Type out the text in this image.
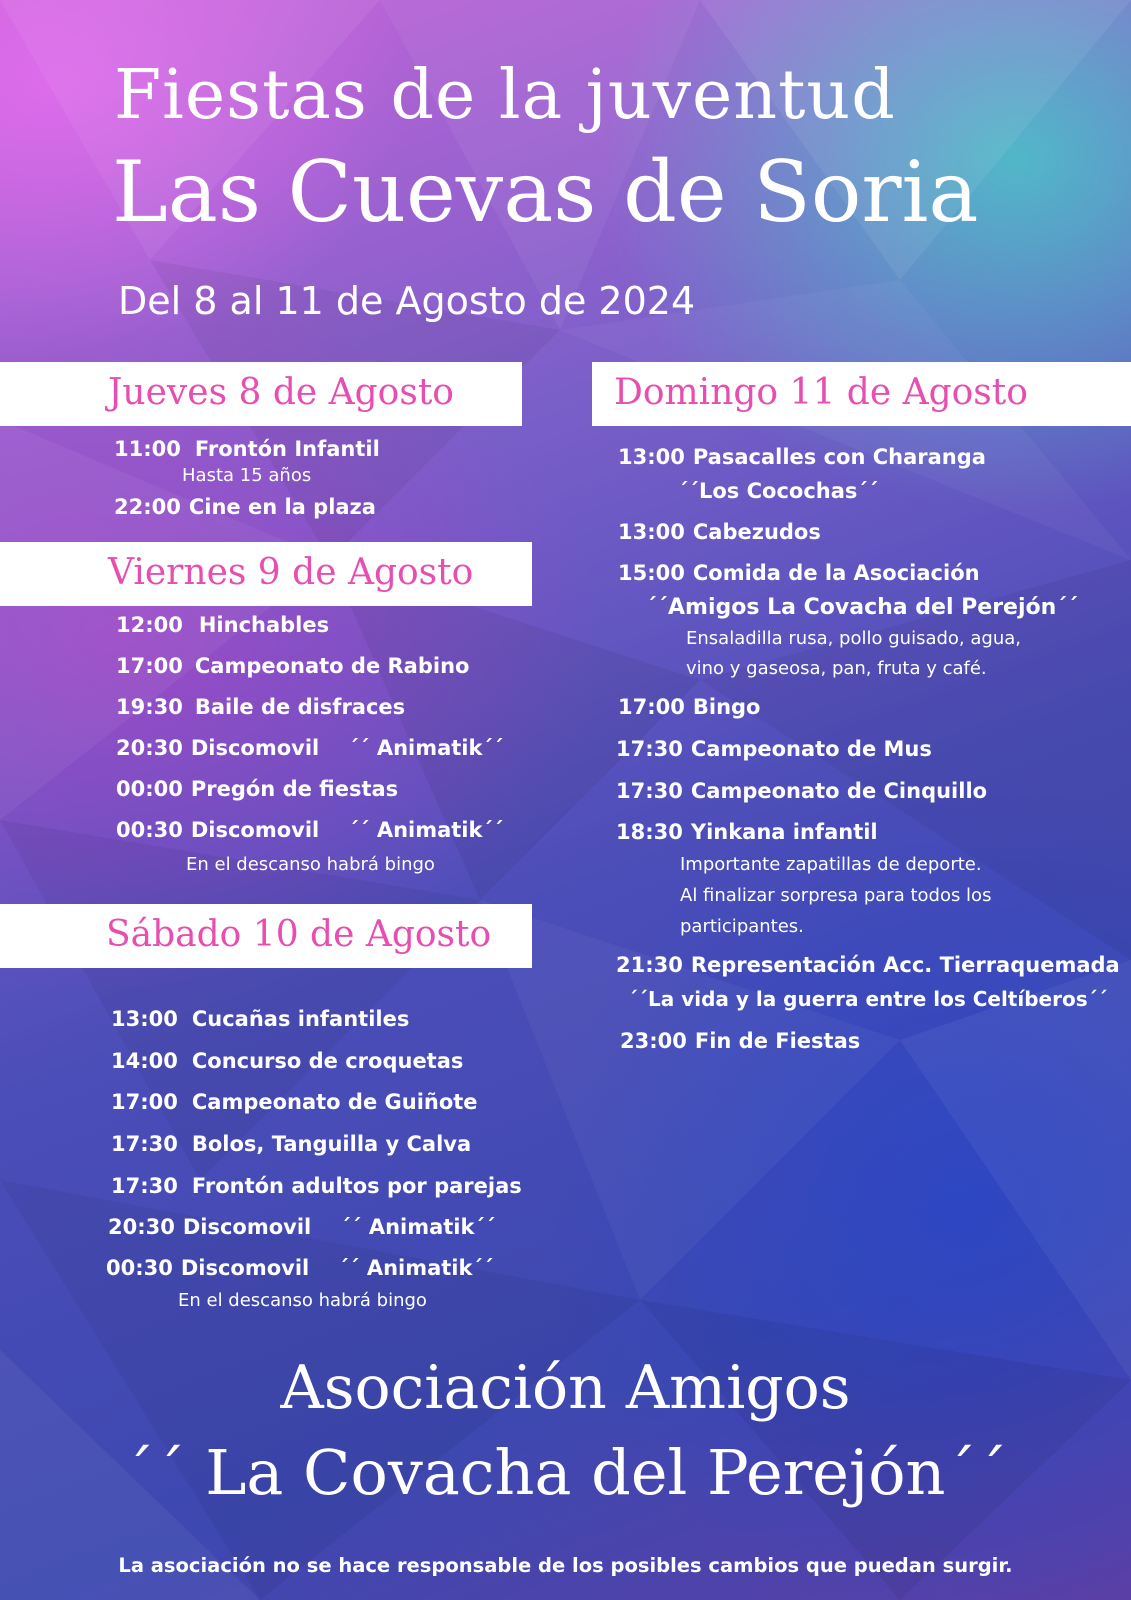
Fiestas de la juventud
Las Cuevas de Soria
Del 8 al 11 de Agosto de 2024
Jueves 8 de Agosto
11:00 Frontón Infantil
Hasta 15 años
22:00 Cine en la plaza
Viernes 9 de Agosto
12:00 Hinchables
17:00 Campeonato de Rabino
19:30 Baile de disfraces
20:30 Discomovil    ´´ Animatik´´
00:00 Pregón de fiestas
00:30 Discomovil    ´´ Animatik´´
En el descanso habrá bingo
Sábado 10 de Agosto
13:00 Cucañas infantiles
14:00 Concurso de croquetas
17:00 Campeonato de Guiñote
17:30 Bolos, Tanguilla y Calva
17:30 Frontón adultos por parejas
20:30 Discomovil    ´´ Animatik´´
00:30 Discomovil    ´´ Animatik´´
En el descanso habrá bingo
Domingo 11 de Agosto
13:00 Pasacalles con Charanga
´´Los Cocochas´´
13:00 Cabezudos
15:00 Comida de la Asociación
´´Amigos La Covacha del Perejón´´
Ensaladilla rusa, pollo guisado, agua,
vino y gaseosa, pan, fruta y café.
17:00 Bingo
17:30 Campeonato de Mus
17:30 Campeonato de Cinquillo
18:30 Yinkana infantil
Importante zapatillas de deporte.
Al finalizar sorpresa para todos los
participantes.
21:30 Representación Acc. Tierraquemada
´´La vida y la guerra entre los Celtíberos´´
23:00 Fin de Fiestas
Asociación Amigos
´´ La Covacha del Perejón´´
La asociación no se hace responsable de los posibles cambios que puedan surgir.
